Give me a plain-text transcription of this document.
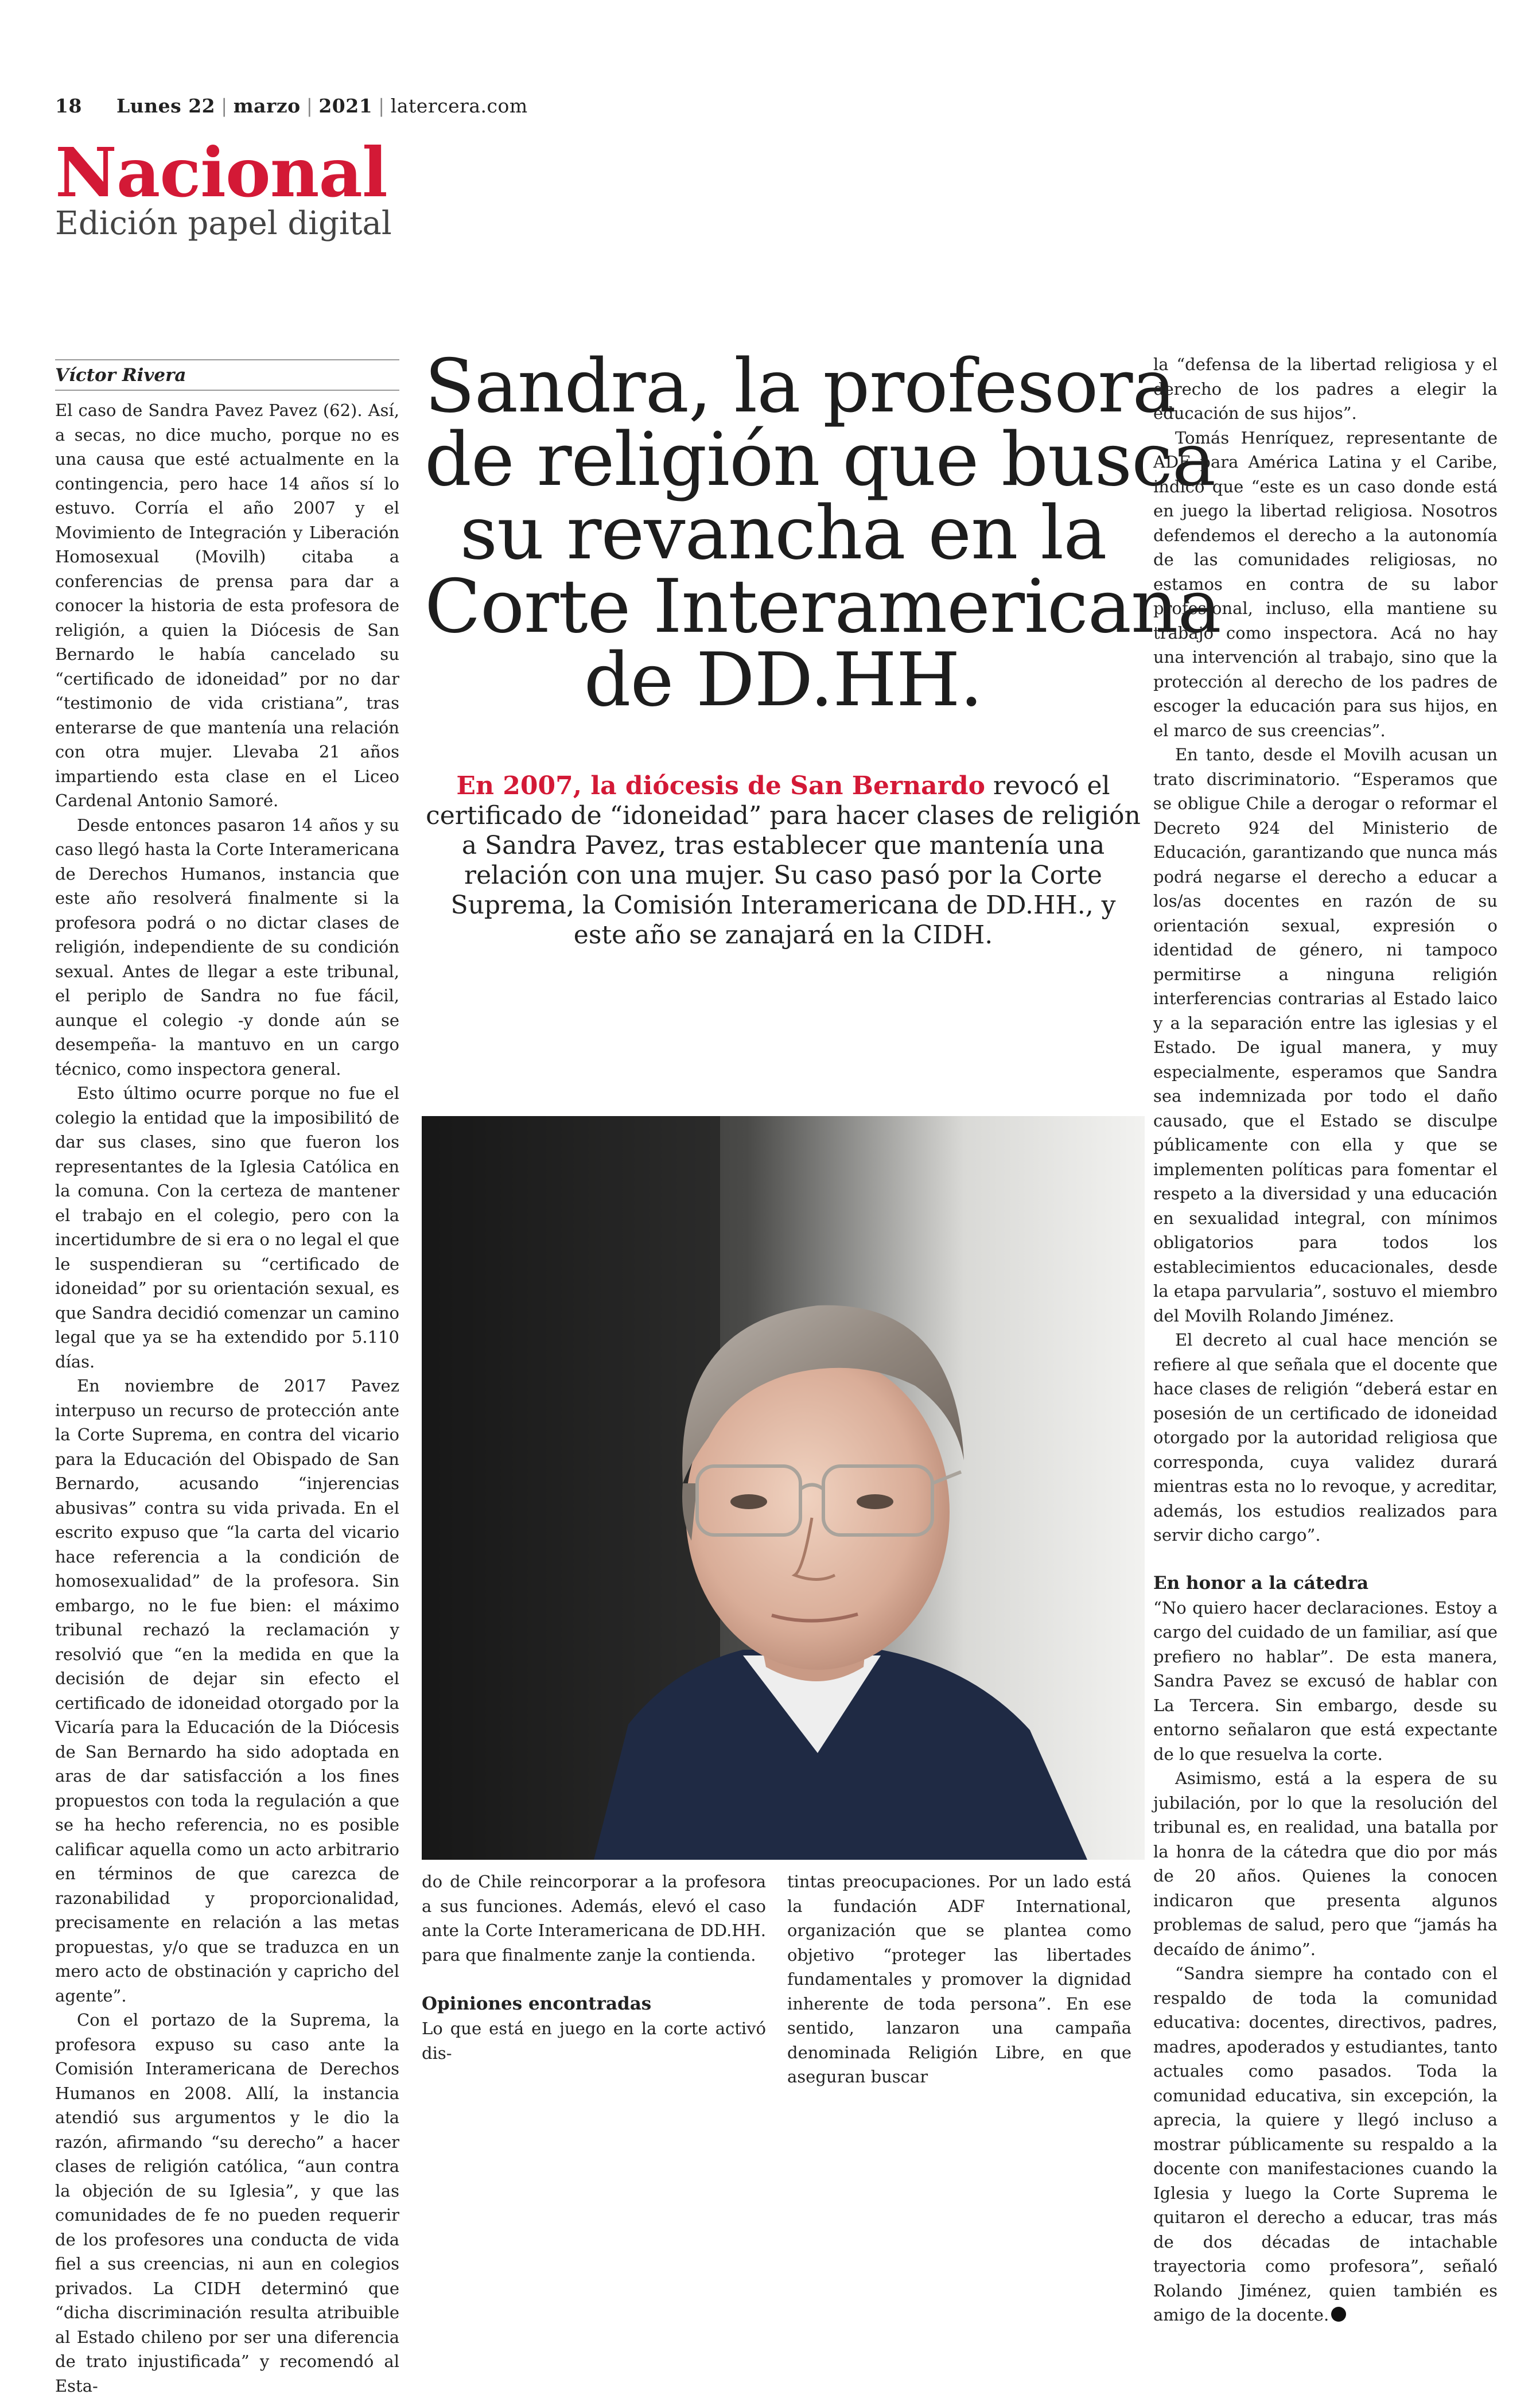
18 Lunes 22 | marzo | 2021 | latercera.com
Nacional
Edición papel digital
Víctor Rivera

El caso de Sandra Pavez Pavez (62). Así, a secas, no dice mucho, porque no es una causa que esté actualmente en la contingencia, pero hace 14 años sí lo estuvo. Corría el año 2007 y el Movimiento de Integración y Liberación Homosexual (Movilh) citaba a conferencias de prensa para dar a conocer la historia de esta profesora de religión, a quien la Diócesis de San Bernardo le había cancelado su “certificado de idoneidad” por no dar “testimonio de vida cristiana”, tras enterarse de que mantenía una relación con otra mujer. Llevaba 21 años impartiendo esta clase en el Liceo Cardenal Antonio Samoré.

Desde entonces pasaron 14 años y su caso llegó hasta la Corte Interamericana de Derechos Humanos, instancia que este año resolverá finalmente si la profesora podrá o no dictar clases de religión, independiente de su condición sexual. Antes de llegar a este tribunal, el periplo de Sandra no fue fácil, aunque el colegio -y donde aún se desempeña- la mantuvo en un cargo técnico, como inspectora general.

Esto último ocurre porque no fue el colegio la entidad que la imposibilitó de dar sus clases, sino que fueron los representantes de la Iglesia Católica en la comuna. Con la certeza de mantener el trabajo en el colegio, pero con la incertidumbre de si era o no legal el que le suspendieran su “certificado de idoneidad” por su orientación sexual, es que Sandra decidió comenzar un camino legal que ya se ha extendido por 5.110 días.

En noviembre de 2017 Pavez interpuso un recurso de protección ante la Corte Suprema, en contra del vicario para la Educación del Obispado de San Bernardo, acusando “injerencias abusivas” contra su vida privada. En el escrito expuso que “la carta del vicario hace referencia a la condición de homosexualidad” de la profesora. Sin embargo, no le fue bien: el máximo tribunal rechazó la reclamación y resolvió que “en la medida en que la decisión de dejar sin efecto el certificado de idoneidad otorgado por la Vicaría para la Educación de la Diócesis de San Bernardo ha sido adoptada en aras de dar satisfacción a los fines propuestos con toda la regulación a que se ha hecho referencia, no es posible calificar aquella como un acto arbitrario en términos de que carezca de razonabilidad y proporcionalidad, precisamente en relación a las metas propuestas, y/o que se traduzca en un mero acto de obstinación y capricho del agente”.

Con el portazo de la Suprema, la profesora expuso su caso ante la Comisión Interamericana de Derechos Humanos en 2008. Allí, la instancia atendió sus argumentos y le dio la razón, afirmando “su derecho” a hacer clases de religión católica, “aun contra la objeción de su Iglesia”, y que las comunidades de fe no pueden requerir de los profesores una conducta de vida fiel a sus creencias, ni aun en colegios privados. La CIDH determinó que “dicha discriminación resulta atribuible al Estado chileno por ser una diferencia de trato injustificada” y recomendó al Esta-

Sandra, la profesora
de religión que busca
su revancha en la
Corte Interamericana
de DD.HH.
En 2007, la diócesis de San Bernardo revocó el certificado de “idoneidad” para hacer clases de religión a Sandra Pavez, tras establecer que mantenía una relación con una mujer. Su caso pasó por la Corte Suprema, la Comisión Interamericana de DD.HH., y este año se zanajará en la CIDH.

do de Chile reincorporar a la profesora a sus funciones. Además, elevó el caso ante la Corte Interamericana de DD.HH. para que finalmente zanje la contienda.

Opiniones encontradas

Lo que está en juego en la corte activó dis-

tintas preocupaciones. Por un lado está la fundación ADF International, organización que se plantea como objetivo “proteger las libertades fundamentales y promover la dignidad inherente de toda persona”. En ese sentido, lanzaron una campaña denominada Religión Libre, en que aseguran buscar

la “defensa de la libertad religiosa y el derecho de los padres a elegir la educación de sus hijos”.

Tomás Henríquez, representante de ADF para América Latina y el Caribe, indicó que “este es un caso donde está en juego la libertad religiosa. Nosotros defendemos el derecho a la autonomía de las comunidades religiosas, no estamos en contra de su labor profesional, incluso, ella mantiene su trabajo como inspectora. Acá no hay una intervención al trabajo, sino que la protección al derecho de los padres de escoger la educación para sus hijos, en el marco de sus creencias”.

En tanto, desde el Movilh acusan un trato discriminatorio. “Esperamos que se obligue Chile a derogar o reformar el Decreto 924 del Ministerio de Educación, garantizando que nunca más podrá negarse el derecho a educar a los/as docentes en razón de su orientación sexual, expresión o identidad de género, ni tampoco permitirse a ninguna religión interferencias contrarias al Estado laico y a la separación entre las iglesias y el Estado. De igual manera, y muy especialmente, esperamos que Sandra sea indemnizada por todo el daño causado, que el Estado se disculpe públicamente con ella y que se implementen políticas para fomentar el respeto a la diversidad y una educación en sexualidad integral, con mínimos obligatorios para todos los establecimientos educacionales, desde la etapa parvularia”, sostuvo el miembro del Movilh Rolando Jiménez.

El decreto al cual hace mención se refiere al que señala que el docente que hace clases de religión “deberá estar en posesión de un certificado de idoneidad otorgado por la autoridad religiosa que corresponda, cuya validez durará mientras esta no lo revoque, y acreditar, además, los estudios realizados para servir dicho cargo”.

En honor a la cátedra

“No quiero hacer declaraciones. Estoy a cargo del cuidado de un familiar, así que prefiero no hablar”. De esta manera, Sandra Pavez se excusó de hablar con La Tercera. Sin embargo, desde su entorno señalaron que está expectante de lo que resuelva la corte.

Asimismo, está a la espera de su jubilación, por lo que la resolución del tribunal es, en realidad, una batalla por la honra de la cátedra que dio por más de 20 años. Quienes la conocen indicaron que presenta algunos problemas de salud, pero que “jamás ha decaído de ánimo”.

“Sandra siempre ha contado con el respaldo de toda la comunidad educativa: docentes, directivos, padres, madres, apoderados y estudiantes, tanto actuales como pasados. Toda la comunidad educativa, sin excepción, la aprecia, la quiere y llegó incluso a mostrar públicamente su respaldo a la docente con manifestaciones cuando la Iglesia y luego la Corte Suprema le quitaron el derecho a educar, tras más de dos décadas de intachable trayectoria como profesora”, señaló Rolando Jiménez, quien también es amigo de la docente.
